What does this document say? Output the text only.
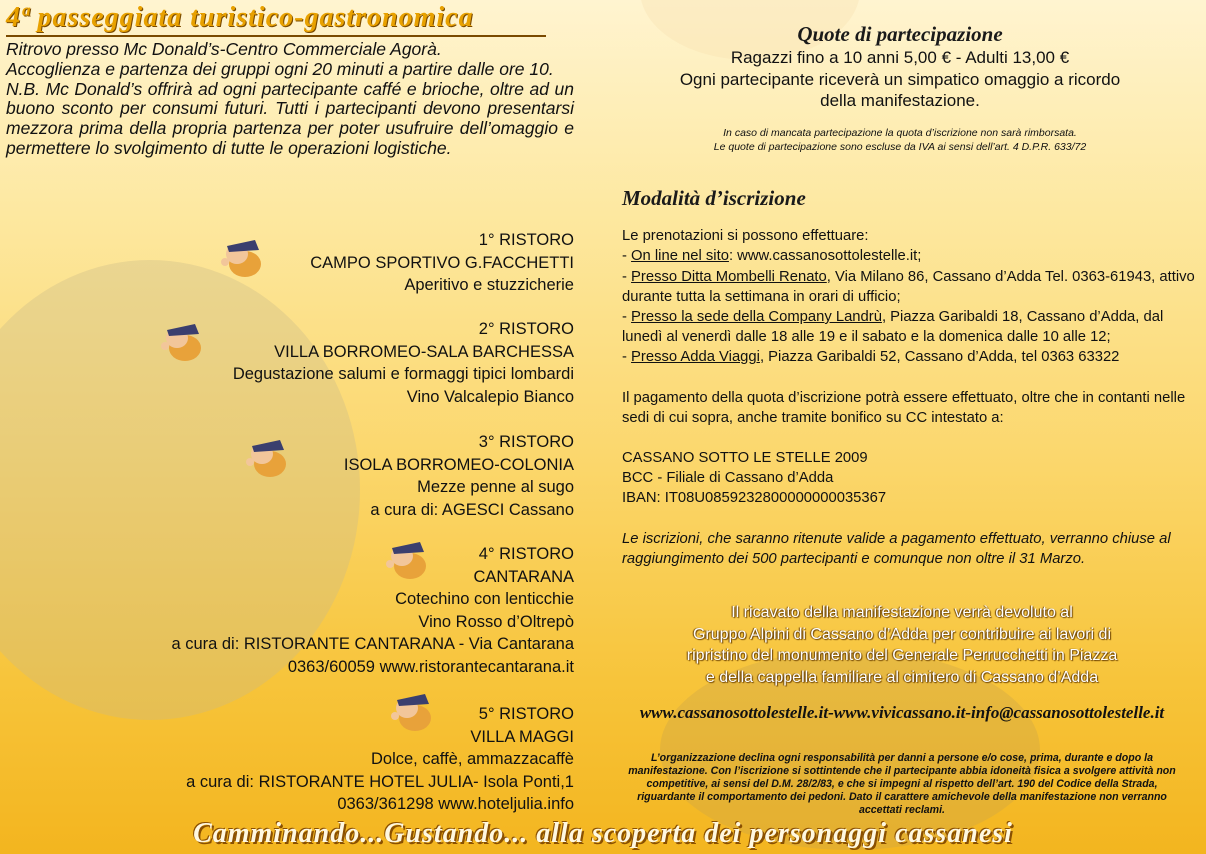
4ª passeggiata turistico-gastronomica

Ritrovo presso Mc Donald’s-Centro Commerciale Agorà.

Accoglienza e partenza dei gruppi ogni 20 minuti a partire dalle ore 10.

N.B. Mc Donald’s offrirà ad ogni partecipante caffé e brioche, oltre ad un buono sconto per consumi futuri. Tutti i partecipanti devono presentarsi mezzora prima della propria partenza per poter usufruire dell’omaggio e permettere lo svolgimento di tutte le operazioni logistiche.

1° RISTORO
CAMPO SPORTIVO G.FACCHETTI
Aperitivo e stuzzicherie
2° RISTORO
VILLA BORROMEO-SALA BARCHESSA
Degustazione salumi e formaggi tipici lombardi
Vino Valcalepio Bianco
3° RISTORO
ISOLA BORROMEO-COLONIA
Mezze penne al sugo
a cura di: AGESCI Cassano
4° RISTORO
CANTARANA
Cotechino con lenticchie
Vino Rosso d’Oltrepò
a cura di: RISTORANTE CANTARANA - Via Cantarana
0363/60059 www.ristorantecantarana.it
5° RISTORO
VILLA MAGGI
Dolce, caffè, ammazzacaffè
a cura di: RISTORANTE HOTEL JULIA- Isola Ponti,1
0363/361298 www.hoteljulia.info
Quote di partecipazione
Ragazzi fino a 10 anni 5,00 € - Adulti 13,00 €
Ogni partecipante riceverà un simpatico omaggio a ricordo della manifestazione.
In caso di mancata partecipazione la quota d’iscrizione non sarà rimborsata.
Le quote di partecipazione sono escluse da IVA ai sensi dell’art. 4 D.P.R. 633/72
Modalità d’iscrizione
Le prenotazioni si possono effettuare:
- On line nel sito: www.cassanosottolestelle.it;
- Presso Ditta Mombelli Renato, Via Milano 86, Cassano d’Adda Tel. 0363-61943, attivo durante tutta la settimana in orari di ufficio;
- Presso la sede della Company Landrù, Piazza Garibaldi 18, Cassano d’Adda, dal lunedì al venerdì dalle 18 alle 19 e il sabato e la domenica dalle 10 alle 12;
- Presso Adda Viaggi, Piazza Garibaldi 52, Cassano d’Adda, tel 0363 63322
Il pagamento della quota d’iscrizione potrà essere effettuato, oltre che in contanti nelle sedi di cui sopra, anche tramite bonifico su CC intestato a:
CASSANO SOTTO LE STELLE 2009
BCC - Filiale di Cassano d’Adda
IBAN: IT08U0859232800000000035367
Le iscrizioni, che saranno ritenute valide a pagamento effettuato, verranno chiuse al raggiungimento dei 500 partecipanti e comunque non oltre il 31 Marzo.
Il ricavato della manifestazione verrà devoluto al
Gruppo Alpini di Cassano d’Adda per contribuire ai lavori di
ripristino del monumento del Generale Perrucchetti in Piazza
e della cappella familiare al cimitero di Cassano d’Adda
www.cassanosottolestelle.it-www.vivicassano.it-info@cassanosottolestelle.it
L’organizzazione declina ogni responsabilità per danni a persone e/o cose, prima, durante e dopo la manifestazione. Con l’iscrizione si sottintende che il partecipante abbia idoneità fisica a svolgere attività non competitive, ai sensi del D.M. 28/2/83, e che si impegni al rispetto dell’art. 190 del Codice della Strada, riguardante il comportamento dei pedoni. Dato il carattere amichevole della manifestazione non verranno accettati reclami.
Camminando...Gustando... alla scoperta dei personaggi cassanesi
